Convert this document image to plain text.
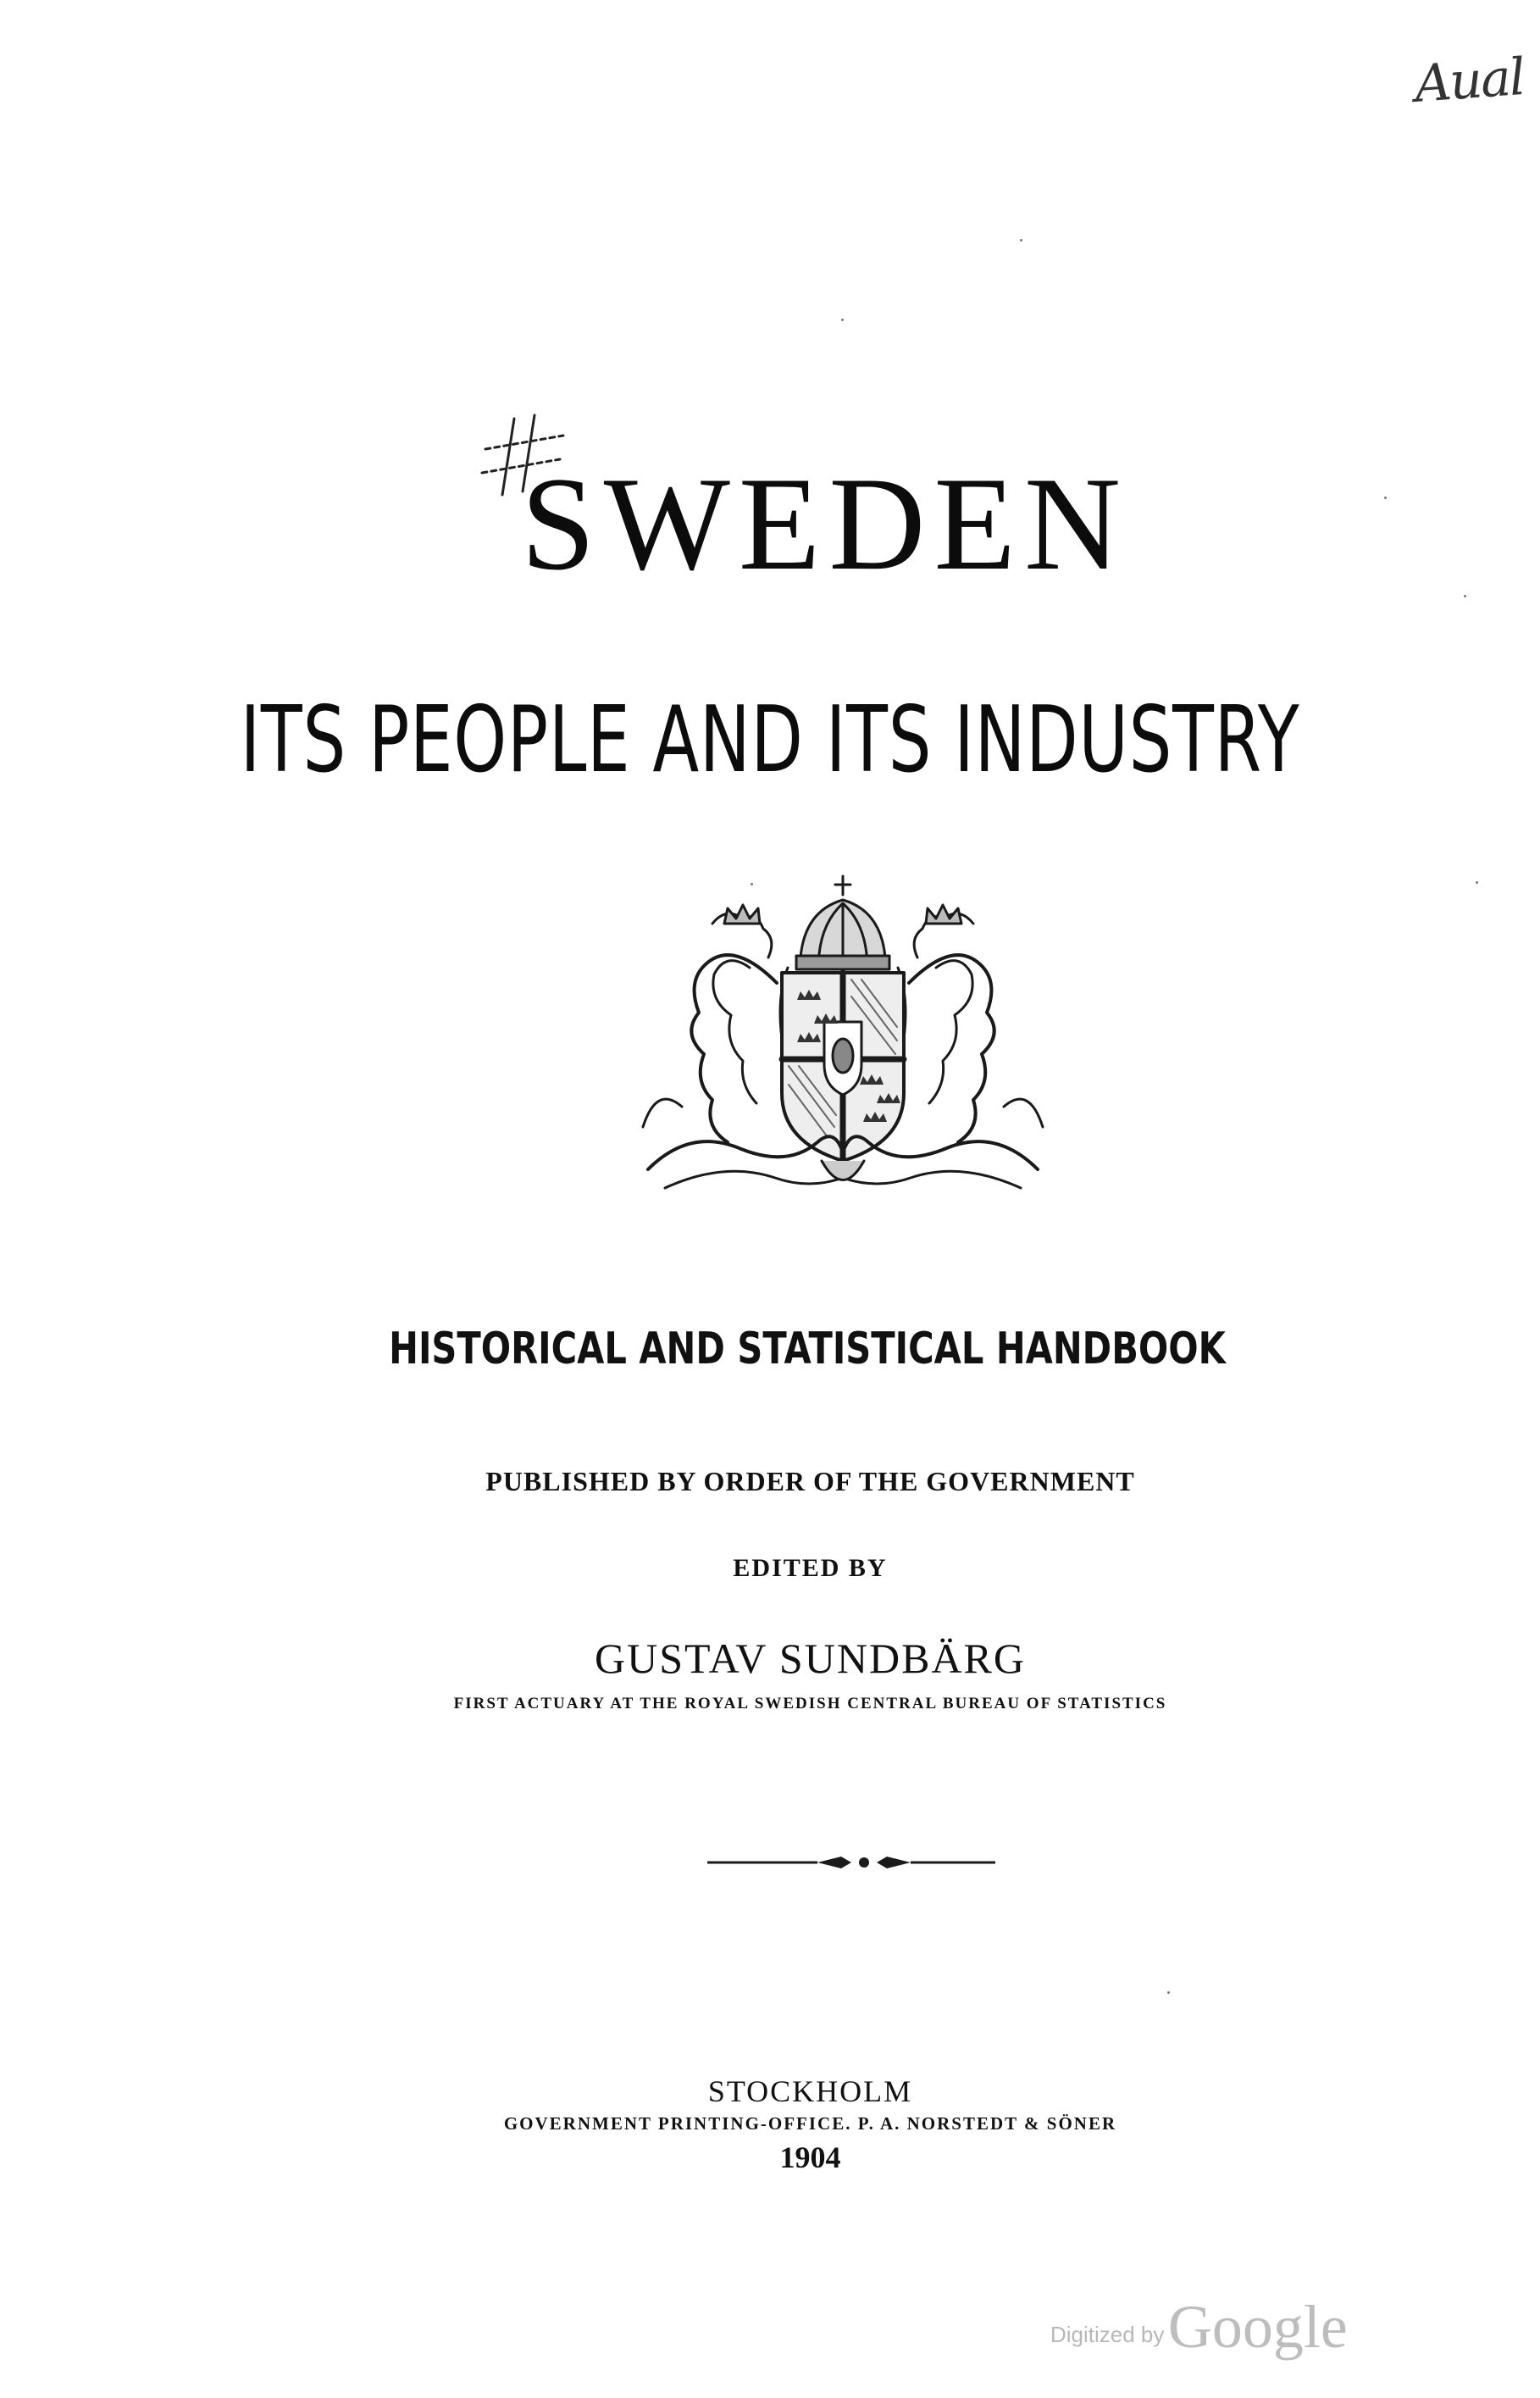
Aual
SWEDEN
ITS PEOPLE AND ITS INDUSTRY
HISTORICAL AND STATISTICAL HANDBOOK
PUBLISHED BY ORDER OF THE GOVERNMENT
EDITED BY
GUSTAV SUNDBÄRG
FIRST ACTUARY AT THE ROYAL SWEDISH CENTRAL BUREAU OF STATISTICS
STOCKHOLM
GOVERNMENT PRINTING-OFFICE. P. A. NORSTEDT & SÖNER
1904
Digitized by Google
